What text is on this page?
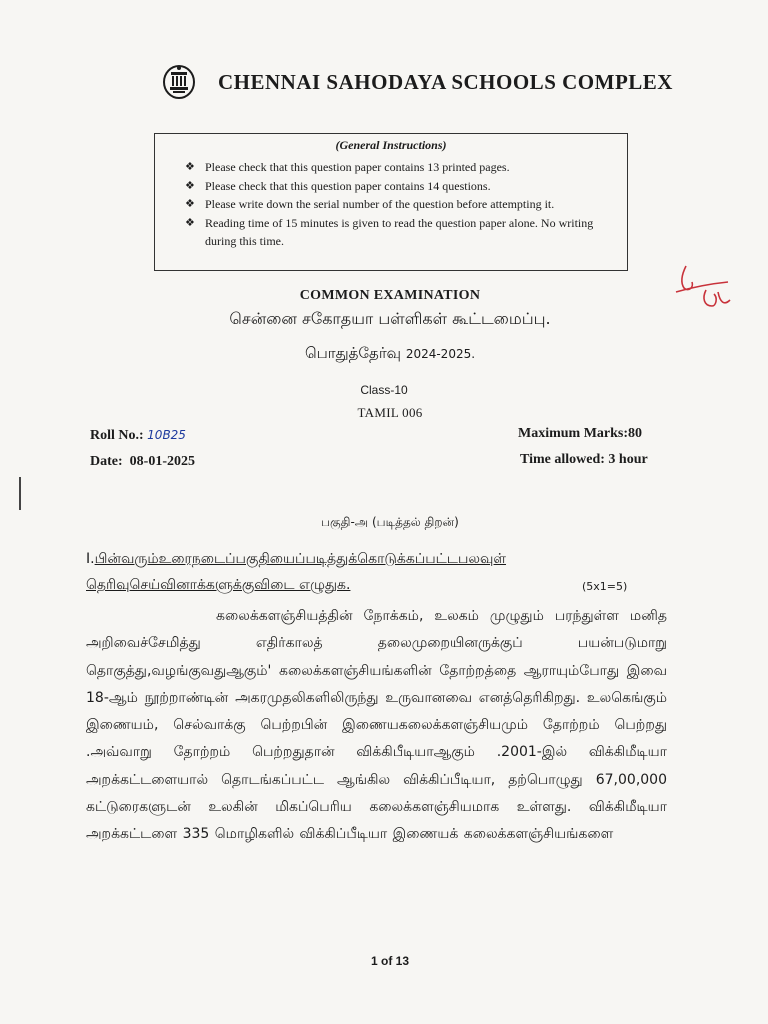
CHENNAI SAHODAYA SCHOOLS COMPLEX
(General Instructions)
❖ Please check that this question paper contains 13 printed pages.
❖ Please check that this question paper contains 14 questions.
❖ Please write down the serial number of the question before attempting it.
❖ Reading time of 15 minutes is given to read the question paper alone. No writing during this time.
COMMON EXAMINATION
சென்னை சகோதயா பள்ளிகள் கூட்டமைப்பு.
பொதுத்தேர்வு 2024-2025.
Class-10
TAMIL 006
Roll No.: 10B25
Date: 08-01-2025
Maximum Marks:80
Time allowed: 3 hour
பகுதி-அ (படித்தல் திறன்)
I.பின்வரும்உரைநடைப்பகுதியைப்படித்துக்கொடுக்கப்பட்டபலவுள் தெரிவுசெய்வினாக்களுக்குவிடை எழுதுக.	(5x1=5)
கலைக்களஞ்சியத்தின் நோக்கம், உலகம் முழுதும் பரந்துள்ள மனித அறிவைச்சேமித்து எதிர்காலத் தலைமுறையினருக்குப் பயன்படுமாறு தொகுத்து,வழங்குவதுஆகும்' கலைக்களஞ்சியங்களின் தோற்றத்தை ஆராயும்போது இவை 18-ஆம் நூற்றாண்டின் அகரமுதலிகளிலிருந்து உருவானவை எனத்தெரிகிறது. உலகெங்கும் இணையம், செல்வாக்கு பெற்றபின் இணையகலைக்களஞ்சியமும் தோற்றம் பெற்றது .அவ்வாறு தோற்றம் பெற்றதுதான் விக்கிபீடியாஆகும் .2001-இல் விக்கிமீடியா அறக்கட்டளையால் தொடங்கப்பட்ட ஆங்கில விக்கிப்பீடியா, தற்பொழுது 67,00,000 கட்டுரைகளுடன் உலகின் மிகப்பெரிய கலைக்களஞ்சியமாக உள்ளது. விக்கிமீடியா அறக்கட்டளை 335 மொழிகளில் விக்கிப்பீடியா இணையக் கலைக்களஞ்சியங்களை
1 of 13
